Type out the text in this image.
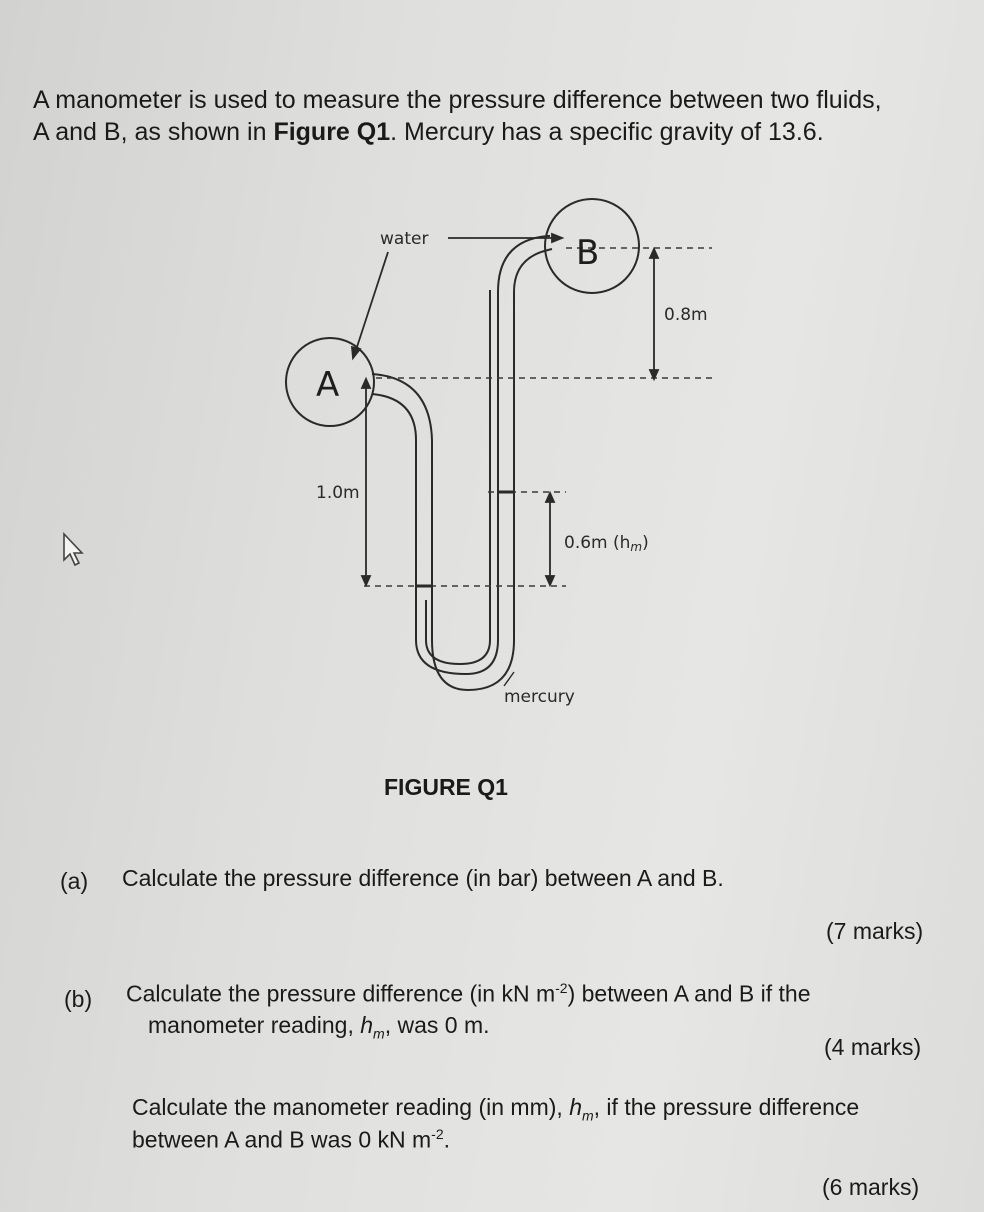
A manometer is used to measure the pressure difference between two fluids,
A and B, as shown in Figure Q1. Mercury has a specific gravity of 13.6.
water
A
B
0.8m
1.0m
0.6m (hm)
mercury
FIGURE Q1
(a) Calculate the pressure difference (in bar) between A and B.
(7 marks)
(b) Calculate the pressure difference (in kN $m^{-2}$) between A and B if the
manometer reading, $h_m$, was 0 m.
(4 marks)
Calculate the manometer reading (in mm), $h_m$, if the pressure difference
between A and B was 0 kN $m^{-2}$.
(6 marks)
